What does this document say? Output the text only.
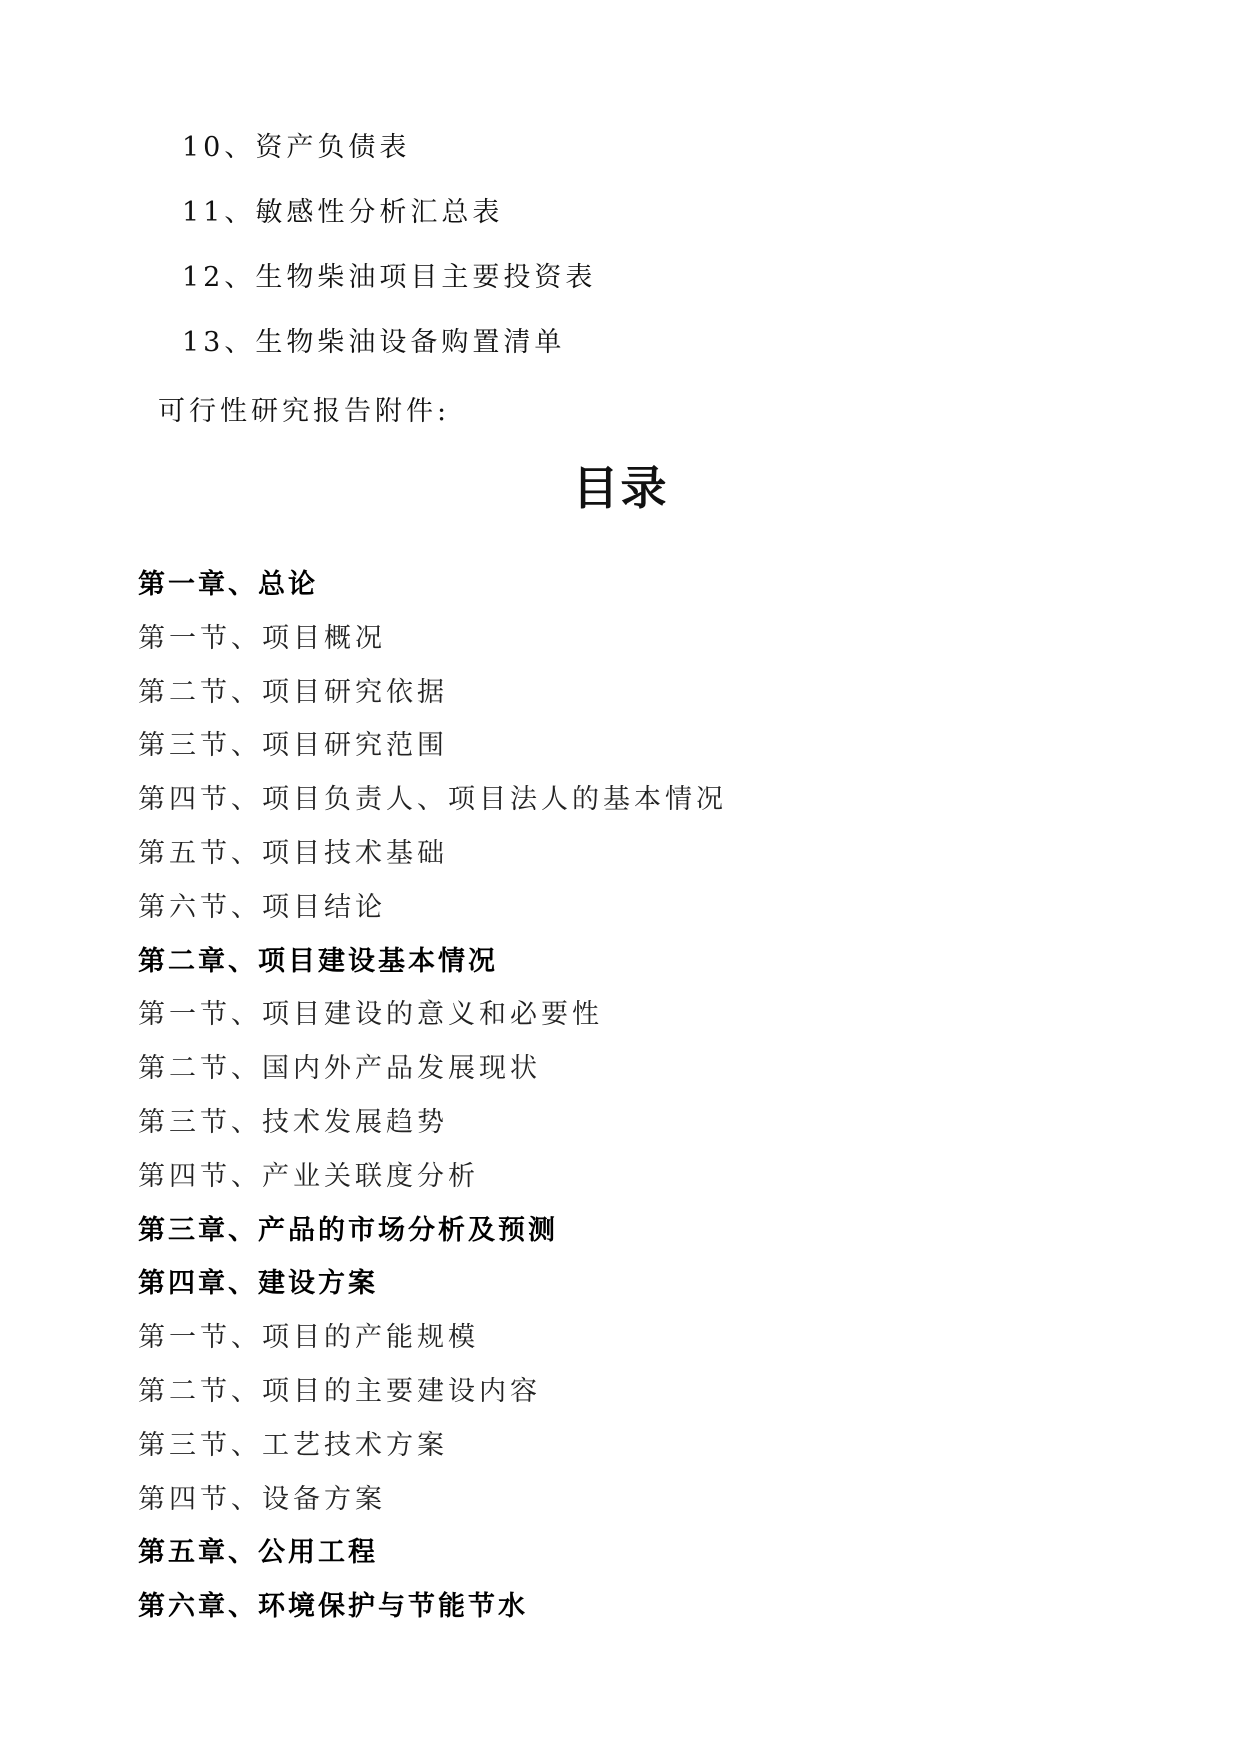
10、资产负债表
11、敏感性分析汇总表
12、生物柴油项目主要投资表
13、生物柴油设备购置清单
可行性研究报告附件:
目录
第一章、总论
第一节、项目概况
第二节、项目研究依据
第三节、项目研究范围
第四节、项目负责人、项目法人的基本情况
第五节、项目技术基础
第六节、项目结论
第二章、项目建设基本情况
第一节、项目建设的意义和必要性
第二节、国内外产品发展现状
第三节、技术发展趋势
第四节、产业关联度分析
第三章、产品的市场分析及预测
第四章、建设方案
第一节、项目的产能规模
第二节、项目的主要建设内容
第三节、工艺技术方案
第四节、设备方案
第五章、公用工程
第六章、环境保护与节能节水
